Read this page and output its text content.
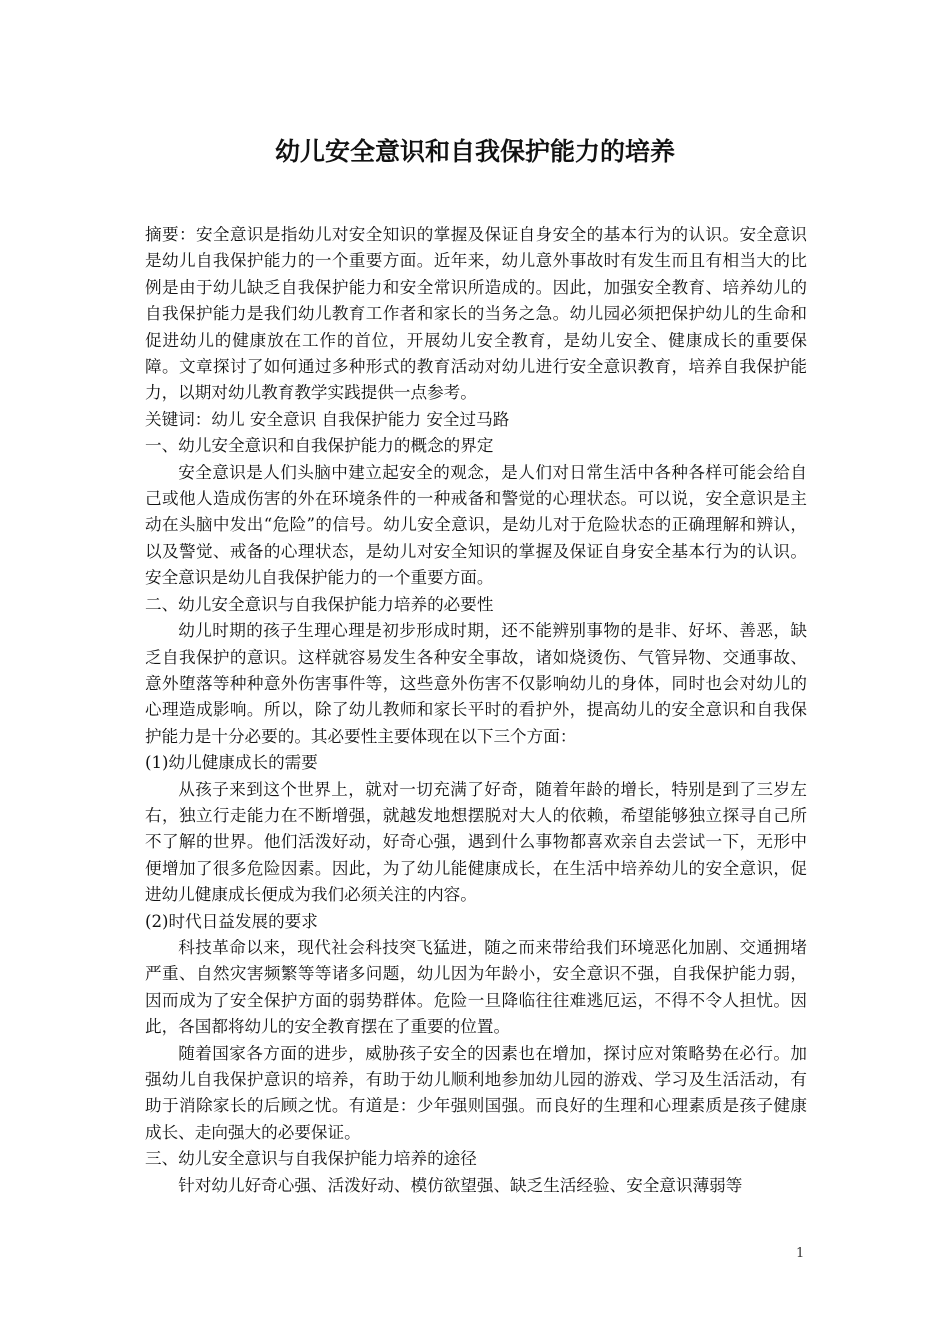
幼儿安全意识和自我保护能力的培养

摘要：安全意识是指幼儿对安全知识的掌握及保证自身安全的基本行为的认识。安全意识是幼儿自我保护能力的一个重要方面。近年来，幼儿意外事故时有发生而且有相当大的比例是由于幼儿缺乏自我保护能力和安全常识所造成的。因此，加强安全教育、培养幼儿的自我保护能力是我们幼儿教育工作者和家长的当务之急。幼儿园必须把保护幼儿的生命和促进幼儿的健康放在工作的首位，开展幼儿安全教育，是幼儿安全、健康成长的重要保障。文章探讨了如何通过多种形式的教育活动对幼儿进行安全意识教育，培养自我保护能力，以期对幼儿教育教学实践提供一点参考。

关键词：幼儿 安全意识 自我保护能力 安全过马路

一、幼儿安全意识和自我保护能力的概念的界定

安全意识是人们头脑中建立起安全的观念，是人们对日常生活中各种各样可能会给自己或他人造成伤害的外在环境条件的一种戒备和警觉的心理状态。可以说，安全意识是主动在头脑中发出“危险”的信号。幼儿安全意识，是幼儿对于危险状态的正确理解和辨认，以及警觉、戒备的心理状态，是幼儿对安全知识的掌握及保证自身安全基本行为的认识。安全意识是幼儿自我保护能力的一个重要方面。

二、幼儿安全意识与自我保护能力培养的必要性

幼儿时期的孩子生理心理是初步形成时期，还不能辨别事物的是非、好坏、善恶，缺乏自我保护的意识。这样就容易发生各种安全事故，诸如烧烫伤、气管异物、交通事故、意外堕落等种种意外伤害事件等，这些意外伤害不仅影响幼儿的身体，同时也会对幼儿的心理造成影响。所以，除了幼儿教师和家长平时的看护外，提高幼儿的安全意识和自我保护能力是十分必要的。其必要性主要体现在以下三个方面：

(1)幼儿健康成长的需要

从孩子来到这个世界上，就对一切充满了好奇，随着年龄的增长，特别是到了三岁左右，独立行走能力在不断增强，就越发地想摆脱对大人的依赖，希望能够独立探寻自己所不了解的世界。他们活泼好动，好奇心强，遇到什么事物都喜欢亲自去尝试一下，无形中便增加了很多危险因素。因此，为了幼儿能健康成长，在生活中培养幼儿的安全意识，促进幼儿健康成长便成为我们必须关注的内容。

(2)时代日益发展的要求

科技革命以来，现代社会科技突飞猛进，随之而来带给我们环境恶化加剧、交通拥堵严重、自然灾害频繁等等诸多问题，幼儿因为年龄小，安全意识不强，自我保护能力弱，因而成为了安全保护方面的弱势群体。危险一旦降临往往难逃厄运，不得不令人担忧。因此，各国都将幼儿的安全教育摆在了重要的位置。

随着国家各方面的进步，威胁孩子安全的因素也在增加，探讨应对策略势在必行。加强幼儿自我保护意识的培养，有助于幼儿顺利地参加幼儿园的游戏、学习及生活活动，有助于消除家长的后顾之忧。有道是：少年强则国强。而良好的生理和心理素质是孩子健康成长、走向强大的必要保证。

三、幼儿安全意识与自我保护能力培养的途径

针对幼儿好奇心强、活泼好动、模仿欲望强、缺乏生活经验、安全意识薄弱等

1
